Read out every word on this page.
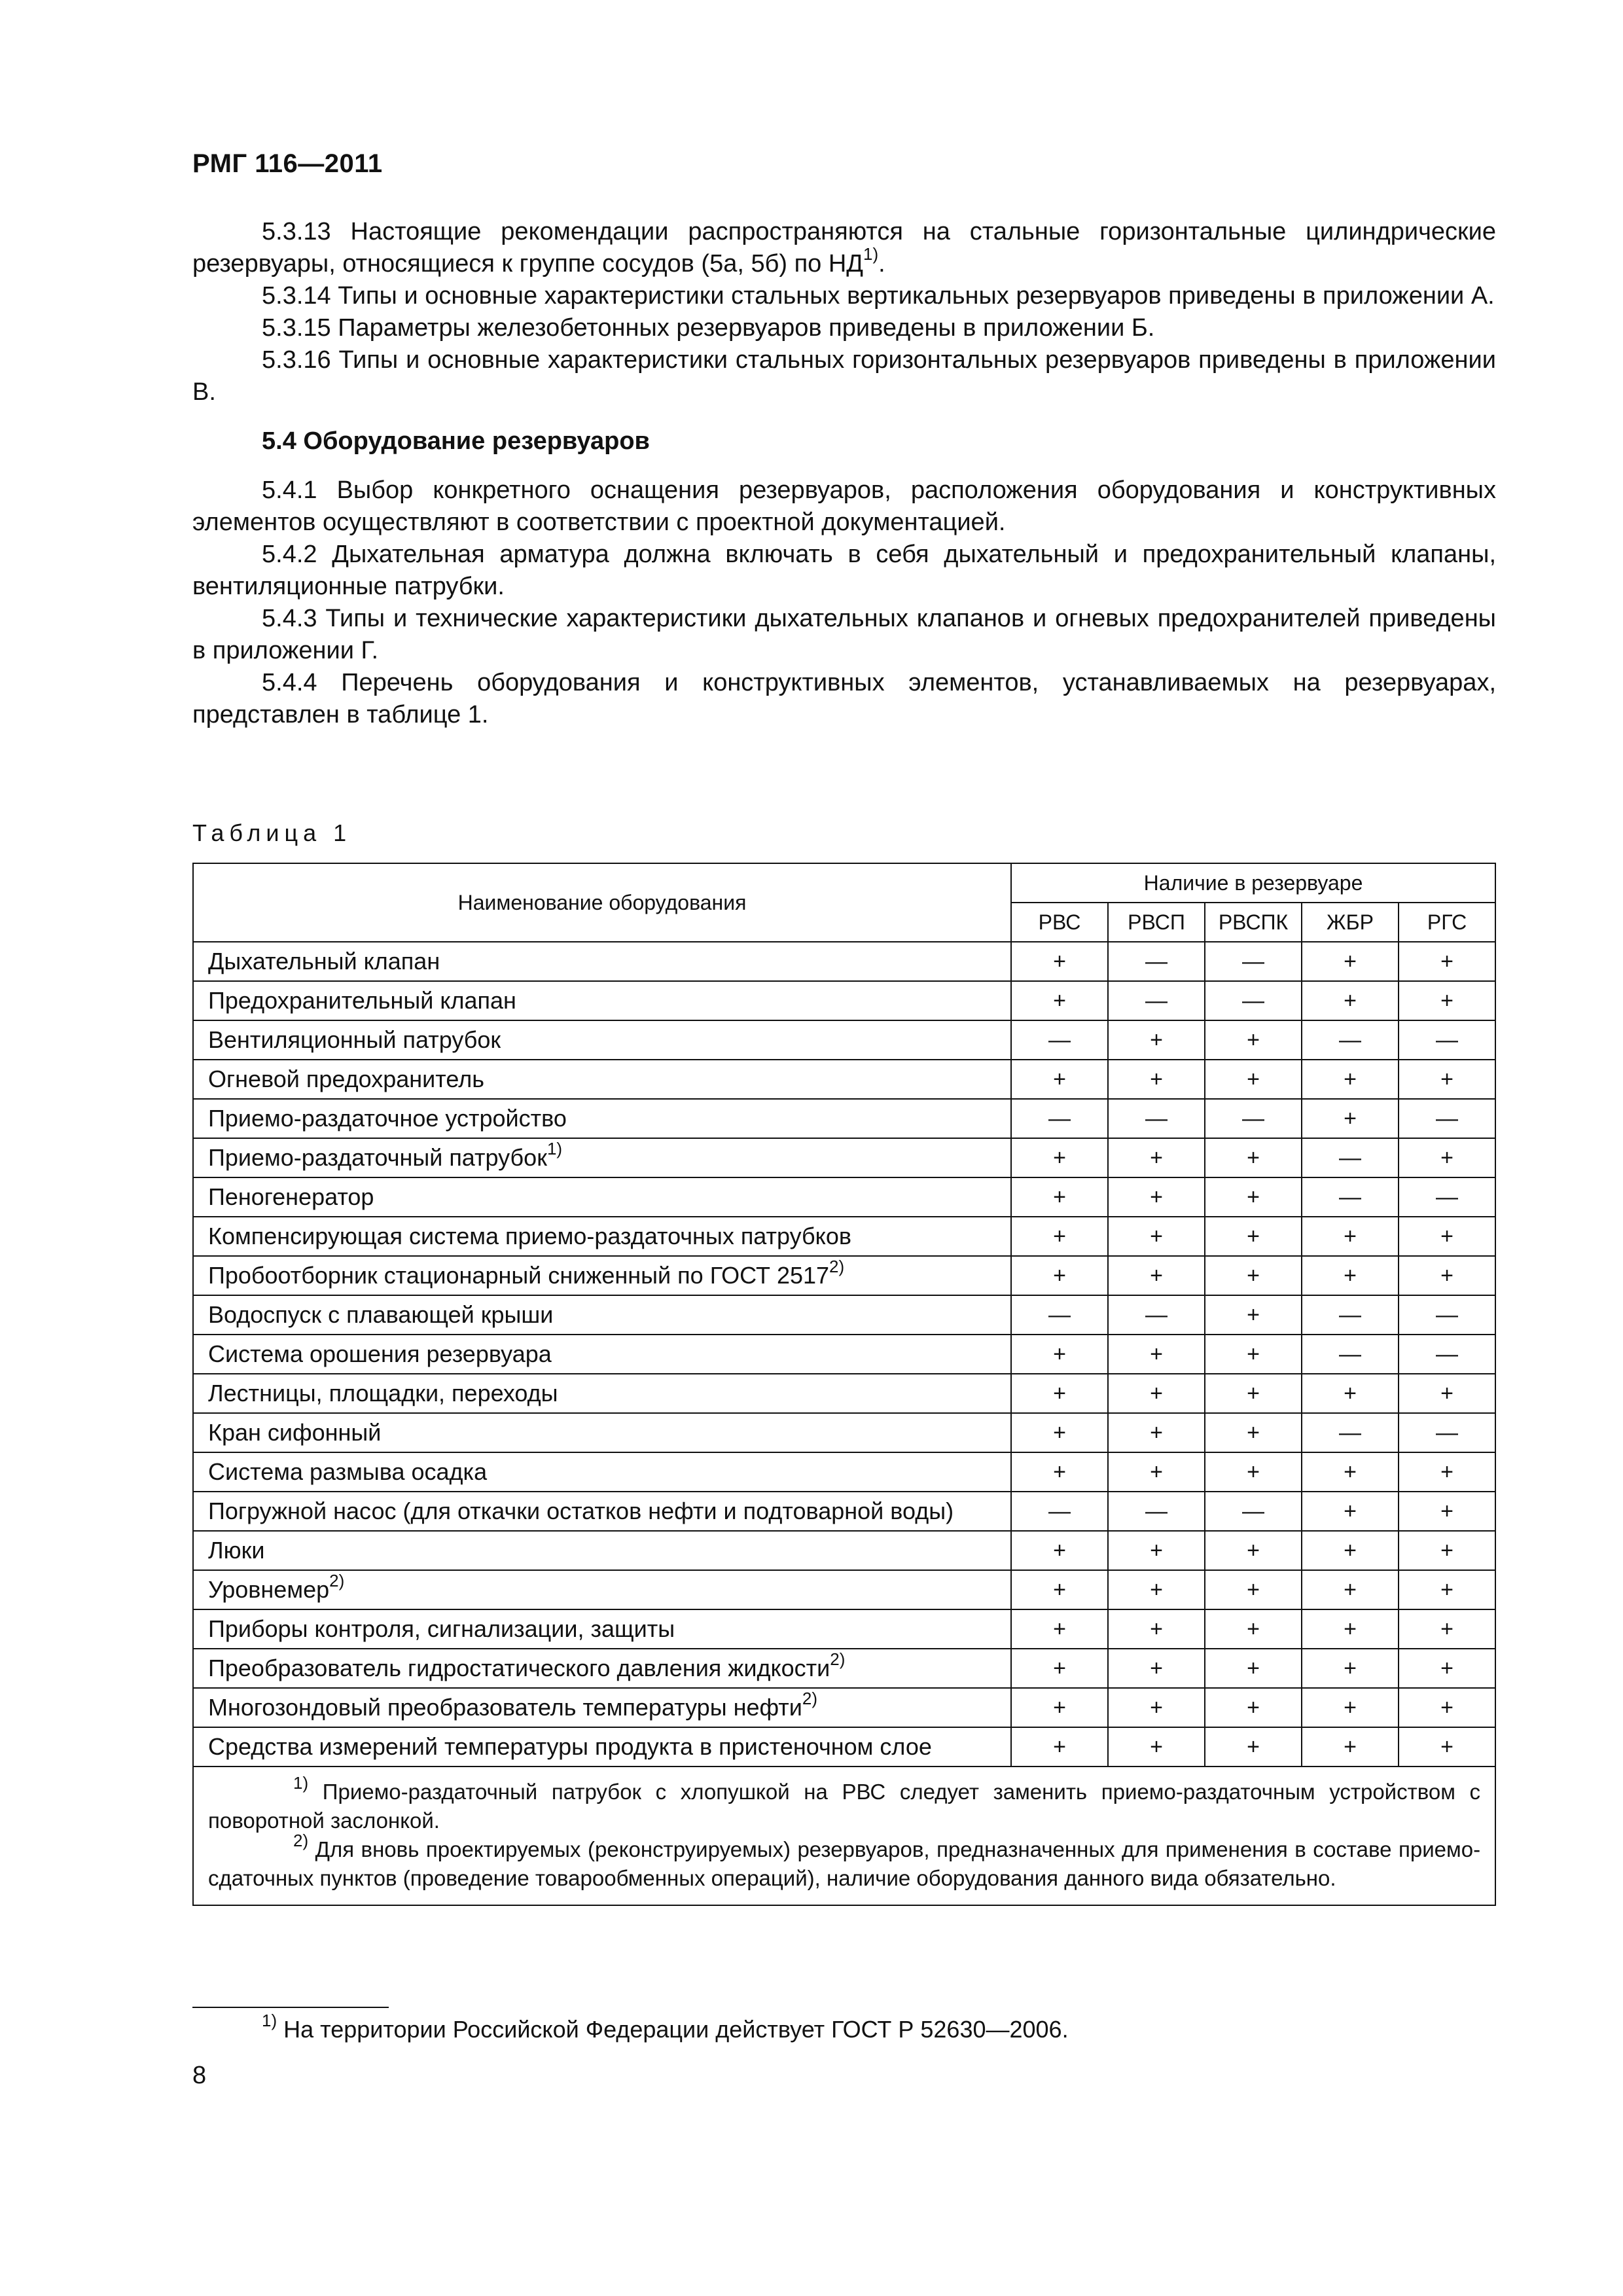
РМГ 116—2011

5.3.13 Настоящие рекомендации распространяются на стальные горизонтальные цилиндрические резервуары, относящиеся к группе сосудов (5а, 5б) по НД$^{1)}$.

5.3.14 Типы и основные характеристики стальных вертикальных резервуаров приведены в приложении А.

5.3.15 Параметры железобетонных резервуаров приведены в приложении Б.

5.3.16 Типы и основные характеристики стальных горизонтальных резервуаров приведены в приложении В.

5.4 Оборудование резервуаров

5.4.1 Выбор конкретного оснащения резервуаров, расположения оборудования и конструктивных элементов осуществляют в соответствии с проектной документацией.

5.4.2 Дыхательная арматура должна включать в себя дыхательный и предохранительный клапаны, вентиляционные патрубки.

5.4.3 Типы и технические характеристики дыхательных клапанов и огневых предохранителей приведены в приложении Г.

5.4.4 Перечень оборудования и конструктивных элементов, устанавливаемых на резервуарах, представлен в таблице 1.

Таблица 1
Наименование оборудования	Наличие в резервуаре				
	РВС	РВСП	РВСПК	ЖБР	РГС
Дыхательный клапан	+	—	—	+	+
Предохранительный клапан	+	—	—	+	+
Вентиляционный патрубок	—	+	+	—	—
Огневой предохранитель	+	+	+	+	+
Приемо-раздаточное устройство	—	—	—	+	—
Приемо-раздаточный патрубок$^{1)}$	+	+	+	—	+
Пеногенератор	+	+	+	—	—
Компенсирующая система приемо-раздаточных патрубков	+	+	+	+	+
Пробоотборник стационарный сниженный по ГОСТ $2517^{2)}$	+	+	+	+	+
Водоспуск с плавающей крыши	—	—	+	—	—
Система орошения резервуара	+	+	+	—	—
Лестницы, площадки, переходы	+	+	+	+	+
Кран сифонный	+	+	+	—	—
Система размыва осадка	+	+	+	+	+
Погружной насос (для откачки остатков нефти и подтоварной воды)	—	—	—	+	+
Люки	+	+	+	+	+
Уровнемер$^{2)}$	+	+	+	+	+
Приборы контроля, сигнализации, защиты	+	+	+	+	+
Преобразователь гидростатического давления жидкости$^{2)}$	+	+	+	+	+
Многозондовый преобразователь температуры нефти$^{2)}$	+	+	+	+	+
Средства измерений температуры продукта в пристеночном слое	+	+	+	+	+

$^{1)}$ Приемо-раздаточный патрубок с хлопушкой на РВС следует заменить приемо-раздаточным устройством с поворотной заслонкой.

$^{2)}$ Для вновь проектируемых (реконструируемых) резервуаров, предназначенных для применения в составе приемо-сдаточных пунктов (проведение товарообменных операций), наличие оборудования данного вида обязательно.					

$^{1)}$ На территории Российской Федерации действует ГОСТ Р 52630—2006.
8
